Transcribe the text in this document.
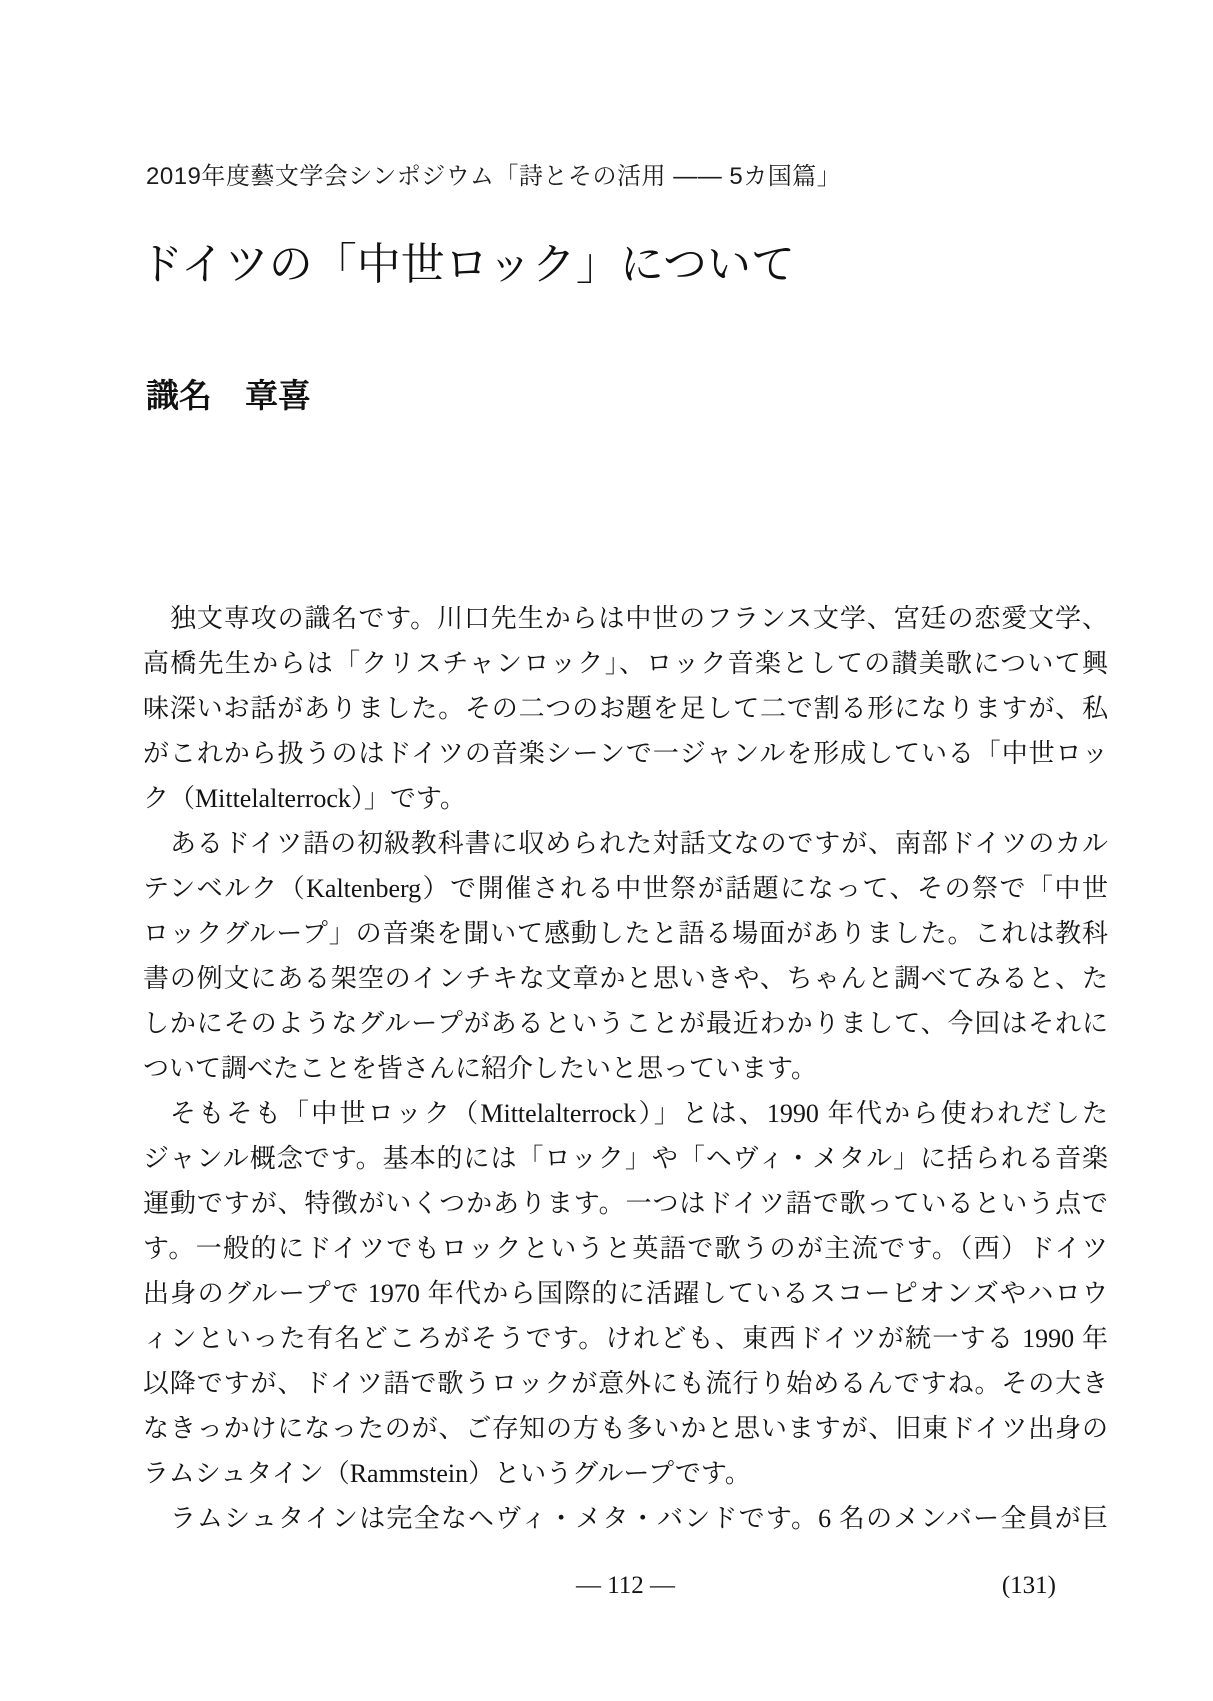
2019年度藝文学会シンポジウム「詩とその活用 ―― 5カ国篇」
ドイツの「中世ロック」について
識名　章喜
独文専攻の識名です。川口先生からは中世のフランス文学、宮廷の恋愛文学、
高橋先生からは「クリスチャンロック」、ロック音楽としての讃美歌について興
味深いお話がありました。その二つのお題を足して二で割る形になりますが、私
がこれから扱うのはドイツの音楽シーンで一ジャンルを形成している「中世ロッ
ク（Mittelalterrock）」です。
あるドイツ語の初級教科書に収められた対話文なのですが、南部ドイツのカル
テンベルク（Kaltenberg）で開催される中世祭が話題になって、その祭で「中世
ロックグループ」の音楽を聞いて感動したと語る場面がありました。これは教科
書の例文にある架空のインチキな文章かと思いきや、ちゃんと調べてみると、た
しかにそのようなグループがあるということが最近わかりまして、今回はそれに
ついて調べたことを皆さんに紹介したいと思っています。
そもそも「中世ロック（Mittelalterrock）」とは、1990 年代から使われだした
ジャンル概念です。基本的には「ロック」や「ヘヴィ・メタル」に括られる音楽
運動ですが、特徴がいくつかあります。一つはドイツ語で歌っているという点で
す。一般的にドイツでもロックというと英語で歌うのが主流です。（西）ドイツ
出身のグループで 1970 年代から国際的に活躍しているスコーピオンズやハロウ
ィンといった有名どころがそうです。けれども、東西ドイツが統一する 1990 年
以降ですが、ドイツ語で歌うロックが意外にも流行り始めるんですね。その大き
なきっかけになったのが、ご存知の方も多いかと思いますが、旧東ドイツ出身の
ラムシュタイン（Rammstein）というグループです。
ラムシュタインは完全なヘヴィ・メタ・バンドです。6 名のメンバー全員が巨
― 112 ―	(131)
